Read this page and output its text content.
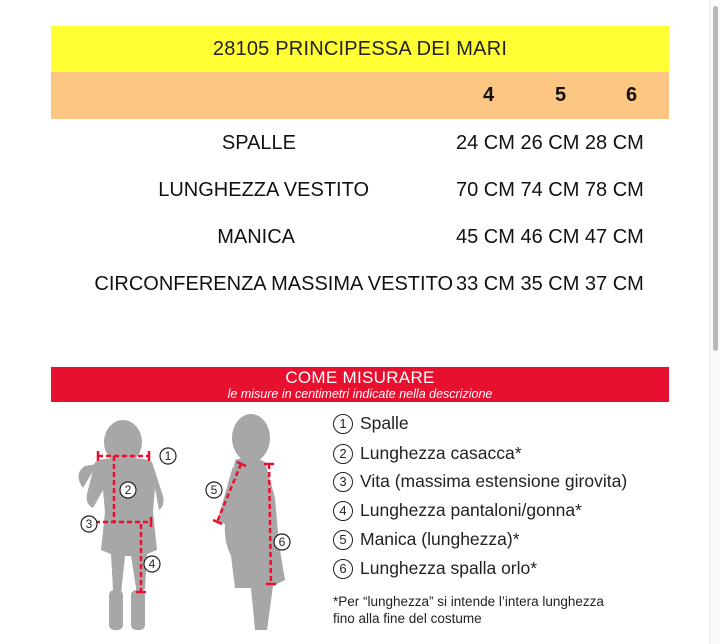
28105 PRINCIPESSA DEI MARI
4	5	6
SPALLE	24 CM 26 CM 28 CM
LUNGHEZZA VESTITO	70 CM 74 CM 78 CM
MANICA	45 CM 46 CM 47 CM
CIRCONFERENZA MASSIMA VESTITO 33 CM 35 CM 37 CM
COME MISURARE
le misure in centimetri indicate nella descrizione
1
2
3
4
5
6
1 Spalle
2 Lunghezza casacca*
3 Vita (massima estensione girovita)
4 Lunghezza pantaloni/gonna*
5 Manica (lunghezza)*
6 Lunghezza spalla orlo*
*Per “lunghezza” si intende l’intera lunghezza
fino alla fine del costume
